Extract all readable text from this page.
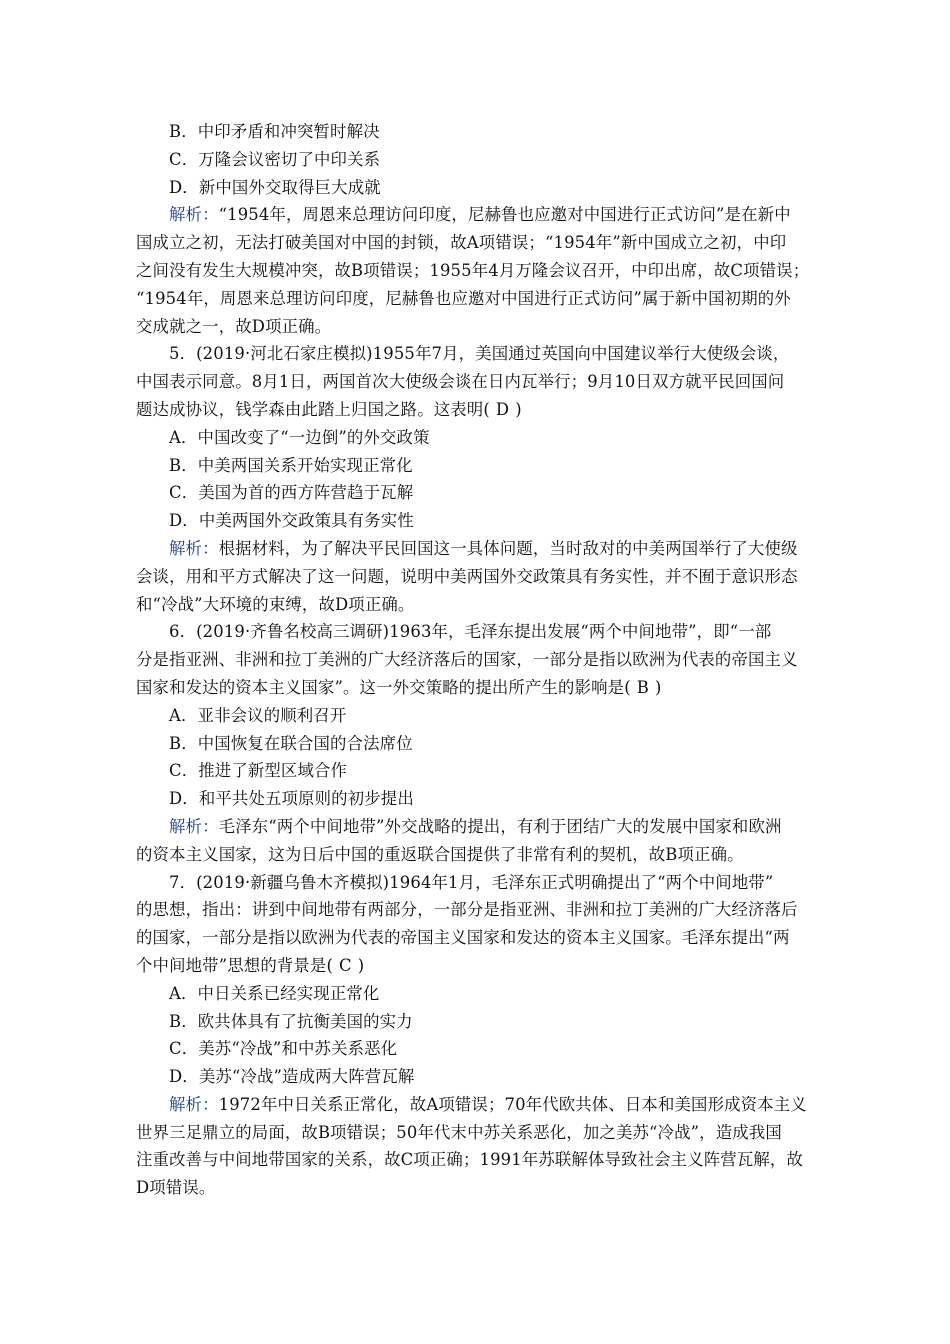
B．中印矛盾和冲突暂时解决
C．万隆会议密切了中印关系
D．新中国外交取得巨大成就
解析：“1954年，周恩来总理访问印度，尼赫鲁也应邀对中国进行正式访问”是在新中
国成立之初，无法打破美国对中国的封锁，故A项错误；“1954年”新中国成立之初，中印
之间没有发生大规模冲突，故B项错误；1955年4月万隆会议召开，中印出席，故C项错误；
“1954年，周恩来总理访问印度，尼赫鲁也应邀对中国进行正式访问”属于新中国初期的外
交成就之一，故D项正确。
5．(2019·河北石家庄模拟)1955年7月，美国通过英国向中国建议举行大使级会谈，
中国表示同意。8月1日，两国首次大使级会谈在日内瓦举行；9月10日双方就平民回国问
题达成协议，钱学森由此踏上归国之路。这表明( D )
A．中国改变了“一边倒”的外交政策
B．中美两国关系开始实现正常化
C．美国为首的西方阵营趋于瓦解
D．中美两国外交政策具有务实性
解析：根据材料，为了解决平民回国这一具体问题，当时敌对的中美两国举行了大使级
会谈，用和平方式解决了这一问题，说明中美两国外交政策具有务实性，并不囿于意识形态
和“冷战”大环境的束缚，故D项正确。
6．(2019·齐鲁名校高三调研)1963年，毛泽东提出发展“两个中间地带”，即“一部
分是指亚洲、非洲和拉丁美洲的广大经济落后的国家，一部分是指以欧洲为代表的帝国主义
国家和发达的资本主义国家”。这一外交策略的提出所产生的影响是( B )
A．亚非会议的顺利召开
B．中国恢复在联合国的合法席位
C．推进了新型区域合作
D．和平共处五项原则的初步提出
解析：毛泽东“两个中间地带”外交战略的提出，有利于团结广大的发展中国家和欧洲
的资本主义国家，这为日后中国的重返联合国提供了非常有利的契机，故B项正确。
7．(2019·新疆乌鲁木齐模拟)1964年1月，毛泽东正式明确提出了“两个中间地带”
的思想，指出：讲到中间地带有两部分，一部分是指亚洲、非洲和拉丁美洲的广大经济落后
的国家，一部分是指以欧洲为代表的帝国主义国家和发达的资本主义国家。毛泽东提出“两
个中间地带”思想的背景是( C )
A．中日关系已经实现正常化
B．欧共体具有了抗衡美国的实力
C．美苏“冷战”和中苏关系恶化
D．美苏“冷战”造成两大阵营瓦解
解析：1972年中日关系正常化，故A项错误；70年代欧共体、日本和美国形成资本主义
世界三足鼎立的局面，故B项错误；50年代末中苏关系恶化，加之美苏“冷战”，造成我国
注重改善与中间地带国家的关系，故C项正确；1991年苏联解体导致社会主义阵营瓦解，故
D项错误。
